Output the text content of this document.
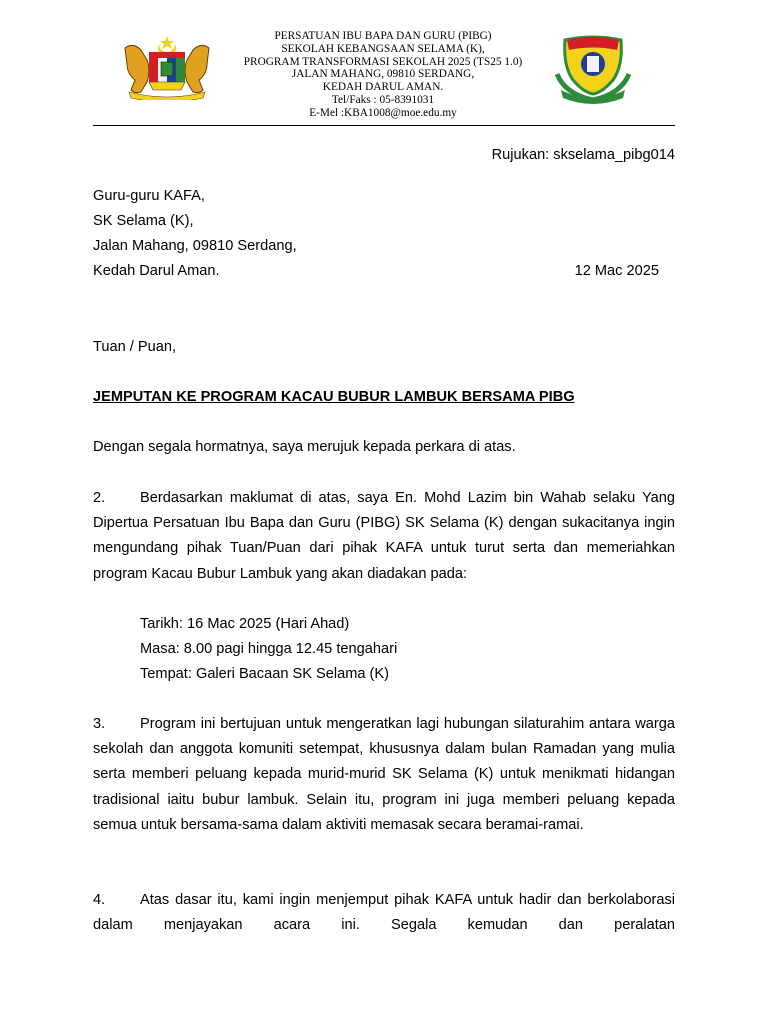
PERSATUAN IBU BAPA DAN GURU (PIBG)
SEKOLAH KEBANGSAAN SELAMA (K),
PROGRAM TRANSFORMASI SEKOLAH 2025 (TS25 1.0)
JALAN MAHANG, 09810 SERDANG,
KEDAH DARUL AMAN.
Tel/Faks : 05-8391031
E-Mel :KBA1008@moe.edu.my
Rujukan: skselama_pibg014
Guru-guru KAFA,
SK Selama (K),
Jalan Mahang, 09810 Serdang,
Kedah Darul Aman.	12 Mac 2025
Tuan / Puan,
JEMPUTAN KE PROGRAM KACAU BUBUR LAMBUK BERSAMA PIBG
Dengan segala hormatnya, saya merujuk kepada perkara di atas.
2. Berdasarkan maklumat di atas, saya En. Mohd Lazim bin Wahab selaku Yang Dipertua Persatuan Ibu Bapa dan Guru (PIBG) SK Selama (K) dengan sukacitanya ingin mengundang pihak Tuan/Puan dari pihak KAFA untuk turut serta dan memeriahkan program Kacau Bubur Lambuk yang akan diadakan pada:
Tarikh: 16 Mac 2025 (Hari Ahad)
Masa: 8.00 pagi hingga 12.45 tengahari
Tempat: Galeri Bacaan SK Selama (K)
3. Program ini bertujuan untuk mengeratkan lagi hubungan silaturahim antara warga sekolah dan anggota komuniti setempat, khususnya dalam bulan Ramadan yang mulia serta memberi peluang kepada murid-murid SK Selama (K) untuk menikmati hidangan tradisional iaitu bubur lambuk. Selain itu, program ini juga memberi peluang kepada semua untuk bersama-sama dalam aktiviti memasak secara beramai-ramai.
4. Atas dasar itu, kami ingin menjemput pihak KAFA untuk hadir dan berkolaborasi dalam menjayakan acara ini. Segala kemudan dan peralatan
